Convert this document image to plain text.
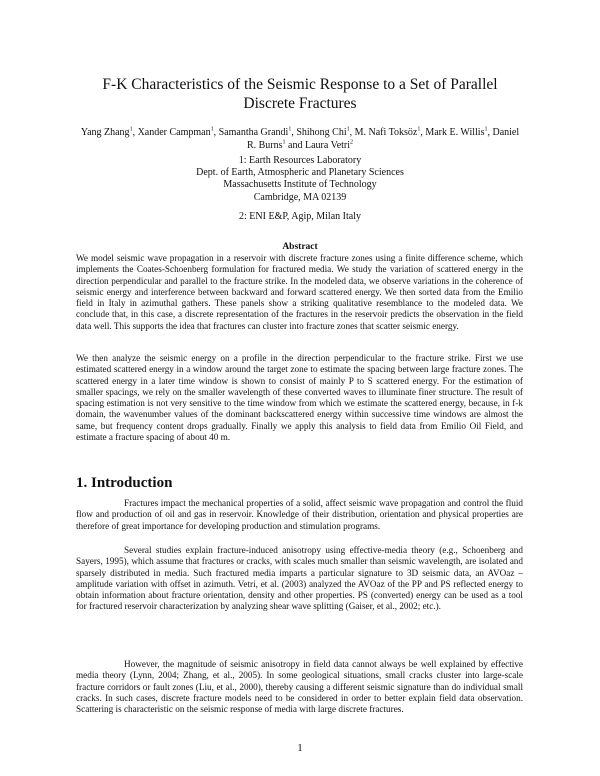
F-K Characteristics of the Seismic Response to a Set of Parallel Discrete Fractures
Yang Zhang$^1$, Xander Campman$^1$, Samantha Grandi$^1$, Shihong Chi$^1$, M. Nafi Toksöz$^1$, Mark E. Willis$^1$, Daniel R. Burns$^1$ and Laura Vetri$^2$
1: Earth Resources Laboratory
Dept. of Earth, Atmospheric and Planetary Sciences
Massachusetts Institute of Technology
Cambridge, MA 02139
2: ENI E&P, Agip, Milan Italy
Abstract
We model seismic wave propagation in a reservoir with discrete fracture zones using a finite difference scheme, which implements the Coates-Schoenberg formulation for fractured media. We study the variation of scattered energy in the direction perpendicular and parallel to the fracture strike. In the modeled data, we observe variations in the coherence of seismic energy and interference between backward and forward scattered energy. We then sorted data from the Emilio field in Italy in azimuthal gathers. These panels show a striking qualitative resemblance to the modeled data. We conclude that, in this case, a discrete representation of the fractures in the reservoir predicts the observation in the field data well. This supports the idea that fractures can cluster into fracture zones that scatter seismic energy.
We then analyze the seismic energy on a profile in the direction perpendicular to the fracture strike. First we use estimated scattered energy in a window around the target zone to estimate the spacing between large fracture zones. The scattered energy in a later time window is shown to consist of mainly P to S scattered energy. For the estimation of smaller spacings, we rely on the smaller wavelength of these converted waves to illuminate finer structure. The result of spacing estimation is not very sensitive to the time window from which we estimate the scattered energy, because, in f-k domain, the wavenumber values of the dominant backscattered energy within successive time windows are almost the same, but frequency content drops gradually. Finally we apply this analysis to field data from Emilio Oil Field, and estimate a fracture spacing of about 40 m.
1. Introduction
Fractures impact the mechanical properties of a solid, affect seismic wave propagation and control the fluid flow and production of oil and gas in reservoir. Knowledge of their distribution, orientation and physical properties are therefore of great importance for developing production and stimulation programs.
Several studies explain fracture-induced anisotropy using effective-media theory (e.g., Schoenberg and Sayers, 1995), which assume that fractures or cracks, with scales much smaller than seismic wavelength, are isolated and sparsely distributed in media. Such fractured media imparts a particular signature to 3D seismic data, an AVOaz – amplitude variation with offset in azimuth. Vetri, et al. (2003) analyzed the AVOaz of the PP and PS reflected energy to obtain information about fracture orientation, density and other properties. PS (converted) energy can be used as a tool for fractured reservoir characterization by analyzing shear wave splitting (Gaiser, et al., 2002; etc.).
However, the magnitude of seismic anisotropy in field data cannot always be well explained by effective media theory (Lynn, 2004; Zhang, et al., 2005). In some geological situations, small cracks cluster into large-scale fracture corridors or fault zones (Liu, et al., 2000), thereby causing a different seismic signature than do individual small cracks. In such cases, discrete fracture models need to be considered in order to better explain field data observation. Scattering is characteristic on the seismic response of media with large discrete fractures.
1
